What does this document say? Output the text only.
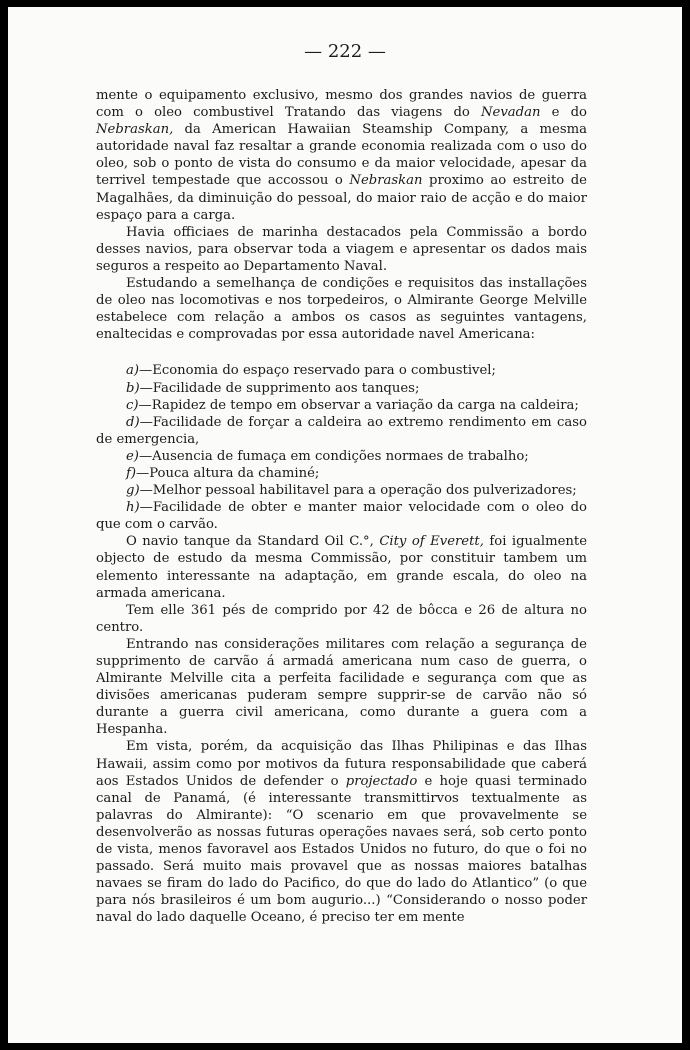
— 222 —

mente o equipamento exclusivo, mesmo dos grandes navios de guerra com o oleo combustivel Tratando das viagens do Nevadan e do Nebraskan, da American Hawaiian Steamship Company, a mesma autoridade naval faz resaltar a grande economia realizada com o uso do oleo, sob o ponto de vista do consumo e da maior velocidade, apesar da terrivel tempestade que accossou o Nebraskan proximo ao estreito de Magalhães, da diminuição do pessoal, do maior raio de acção e do maior espaço para a carga.

Havia officiaes de marinha destacados pela Commissão a bordo desses navios, para observar toda a viagem e apresentar os dados mais seguros a respeito ao Departamento Naval.

Estudando a semelhança de condições e requisitos das installações de oleo nas locomotivas e nos torpedeiros, o Almirante George Melville estabelece com relação a ambos os casos as seguintes vantagens, enaltecidas e comprovadas por essa autoridade navel Americana:

a)—Economia do espaço reservado para o combustivel;

b)—Facilidade de supprimento aos tanques;

c)—Rapidez de tempo em observar a variação da carga na caldeira;

d)—Facilidade de forçar a caldeira ao extremo rendimento em caso de emergencia,

e)—Ausencia de fumaça em condições normaes de trabalho;

f)—Pouca altura da chaminé;

g)—Melhor pessoal habilitavel para a operação dos pulverizadores;

h)—Facilidade de obter e manter maior velocidade com o oleo do que com o carvão.

O navio tanque da Standard Oil C.°, City of Everett, foi igualmente objecto de estudo da mesma Commissão, por constituir tambem um elemento interessante na adaptação, em grande escala, do oleo na armada americana.

Tem elle 361 pés de comprido por 42 de bôcca e 26 de altura no centro.

Entrando nas considerações militares com relação a segurança de supprimento de carvão á armadá americana num caso de guerra, o Almirante Melville cita a perfeita facilidade e segurança com que as divisões americanas puderam sempre supprir-se de carvão não só durante a guerra civil americana, como durante a guera com a Hespanha.

Em vista, porém, da acquisição das Ilhas Philipinas e das Ilhas Hawaii, assim como por motivos da futura responsabilidade que caberá aos Estados Unidos de defender o projectado e hoje quasi terminado canal de Panamá, (é interessante transmittirvos textualmente as palavras do Almirante): “O scenario em que provavelmente se desenvolverão as nossas futuras operações navaes será, sob certo ponto de vista, menos favoravel aos Estados Unidos no futuro, do que o foi no passado. Será muito mais provavel que as nossas maiores batalhas navaes se firam do lado do Pacifico, do que do lado do Atlantico” (o que para nós brasileiros é um bom augurio...) “Considerando o nosso poder naval do lado daquelle Oceano, é preciso ter em mente
